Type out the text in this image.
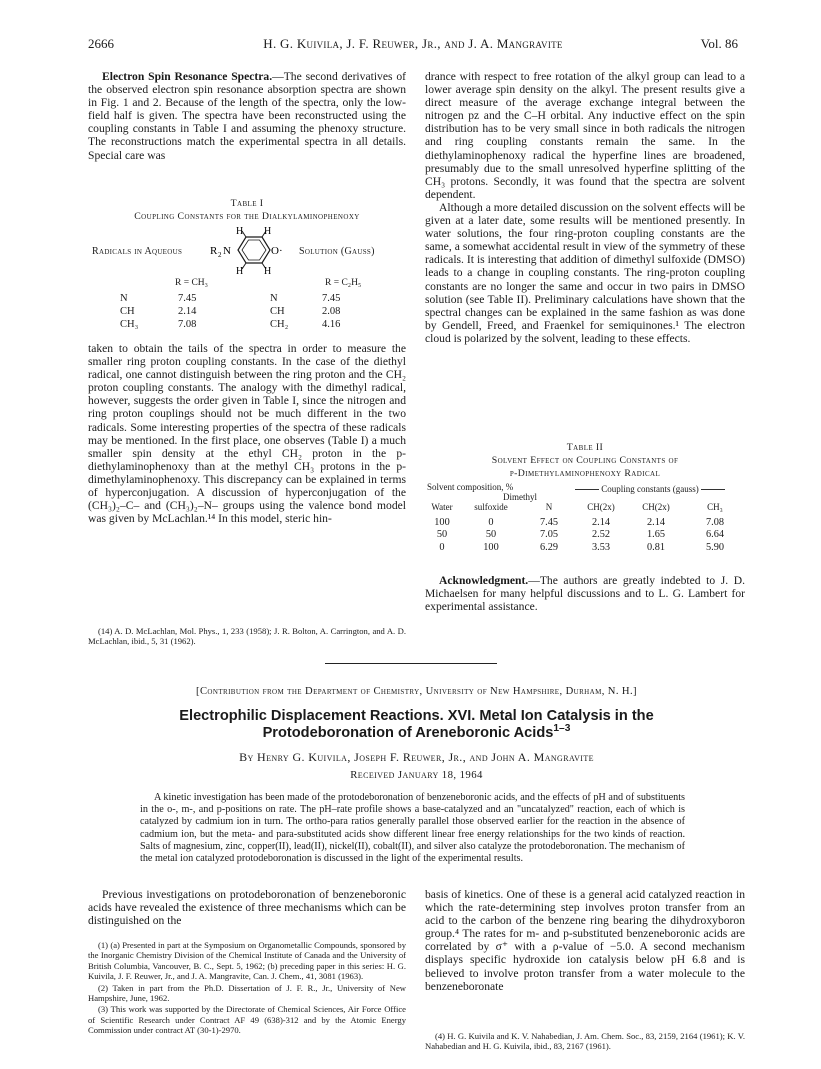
2666	H. G. Kuivila, J. F. Reuwer, Jr., and J. A. Mangravite	Vol. 86

Electron Spin Resonance Spectra.—The second derivatives of the observed electron spin resonance absorption spectra are shown in Fig. 1 and 2. Because of the length of the spectra, only the low-field half is given. The spectra have been reconstructed using the coupling constants in Table I and assuming the phenoxy structure. The reconstructions match the experimental spectra in all details. Special care was

Table I
Coupling Constants for the Dialkylaminophenoxy
Radicals in Aqueous	Solution (Gauss)
H H
H H
R 2 N	O·
R = CH₃	R = C₂H₅
N	7.45	N	7.45
CH	2.14	CH	2.08
CH₃	7.08	CH₂	4.16

taken to obtain the tails of the spectra in order to measure the smaller ring proton coupling constants. In the case of the diethyl radical, one cannot distinguish between the ring proton and the CH₂ proton coupling constants. The analogy with the dimethyl radical, however, suggests the order given in Table I, since the nitrogen and ring proton couplings should not be much different in the two radicals. Some interesting properties of the spectra of these radicals may be mentioned. In the first place, one observes (Table I) a much smaller spin density at the ethyl CH₂ proton in the p-diethylaminophenoxy than at the methyl CH₃ protons in the p-dimethylaminophenoxy. This discrepancy can be explained in terms of hyperconjugation. A discussion of hyperconjugation of the (CH₃)₂–C– and (CH₃)₂–N– groups using the valence bond model was given by McLachlan.¹⁴ In this model, steric hin-

(14) A. D. McLachlan, Mol. Phys., 1, 233 (1958); J. R. Bolton, A. Carrington, and A. D. McLachlan, ibid., 5, 31 (1962).

drance with respect to free rotation of the alkyl group can lead to a lower average spin density on the alkyl. The present results give a direct measure of the average exchange integral between the nitrogen pz and the C–H orbital. Any inductive effect on the spin distribution has to be very small since in both radicals the nitrogen and ring coupling constants remain the same. In the diethylaminophenoxy radical the hyperfine lines are broadened, presumably due to the small unresolved hyperfine splitting of the CH₃ protons. Secondly, it was found that the spectra are solvent dependent.

Although a more detailed discussion on the solvent effects will be given at a later date, some results will be mentioned presently. In water solutions, the four ring-proton coupling constants are the same, a somewhat accidental result in view of the symmetry of these radicals. It is interesting that addition of dimethyl sulfoxide (DMSO) leads to a change in coupling constants. The ring-proton coupling constants are no longer the same and occur in two pairs in DMSO solution (see Table II). Preliminary calculations have shown that the spectral changes can be explained in the same fashion as was done by Gendell, Freed, and Fraenkel for semiquinones.¹ The electron cloud is polarized by the solvent, leading to these effects.

Table II
Solvent Effect on Coupling Constants of
p-Dimethylaminophenoxy Radical
Solvent composition, %
Dimethyl
Coupling constants (gauss)
Water	sulfoxide	N	CH(2x)	CH(2x)	CH₃
100	0	7.45	2.14	2.14	7.08
50	50	7.05	2.52	1.65	6.64
0	100	6.29	3.53	0.81	5.90

Acknowledgment.—The authors are greatly indebted to J. D. Michaelsen for many helpful discussions and to L. G. Lambert for experimental assistance.

[Contribution from the Department of Chemistry, University of New Hampshire, Durham, N. H.]
Electrophilic Displacement Reactions. XVI. Metal Ion Catalysis in the
Protodeboronation of Areneboronic Acids$^{1-3}$
By Henry G. Kuivila, Joseph F. Reuwer, Jr., and John A. Mangravite
Received January 18, 1964
A kinetic investigation has been made of the protodeboronation of benzeneboronic acids, and the effects of pH and of substituents in the o-, m-, and p-positions on rate. The pH–rate profile shows a base-catalyzed and an "uncatalyzed" reaction, each of which is catalyzed by cadmium ion in turn. The ortho-para ratios generally parallel those observed earlier for the reaction in the absence of cadmium ion, but the meta- and para-substituted acids show different linear free energy relationships for the two kinds of reaction. Salts of magnesium, zinc, copper(II), lead(II), nickel(II), cobalt(II), and silver also catalyze the protodeboronation. The mechanism of the metal ion catalyzed protodeboronation is discussed in the light of the experimental results.

Previous investigations on protodeboronation of benzeneboronic acids have revealed the existence of three mechanisms which can be distinguished on the

(1) (a) Presented in part at the Symposium on Organometallic Compounds, sponsored by the Inorganic Chemistry Division of the Chemical Institute of Canada and the University of British Columbia, Vancouver, B. C., Sept. 5, 1962; (b) preceding paper in this series: H. G. Kuivila, J. F. Reuwer, Jr., and J. A. Mangravite, Can. J. Chem., 41, 3081 (1963).

(2) Taken in part from the Ph.D. Dissertation of J. F. R., Jr., University of New Hampshire, June, 1962.

(3) This work was supported by the Directorate of Chemical Sciences, Air Force Office of Scientific Research under Contract AF 49 (638)-312 and by the Atomic Energy Commission under contract AT (30-1)-2970.

basis of kinetics. One of these is a general acid catalyzed reaction in which the rate-determining step involves proton transfer from an acid to the carbon of the benzene ring bearing the dihydroxyboron group.⁴ The rates for m- and p-substituted benzeneboronic acids are correlated by σ⁺ with a ρ-value of −5.0. A second mechanism displays specific hydroxide ion catalysis below pH 6.8 and is believed to involve proton transfer from a water molecule to the benzeneboronate

(4) H. G. Kuivila and K. V. Nahabedian, J. Am. Chem. Soc., 83, 2159, 2164 (1961); K. V. Nahabedian and H. G. Kuivila, ibid., 83, 2167 (1961).
